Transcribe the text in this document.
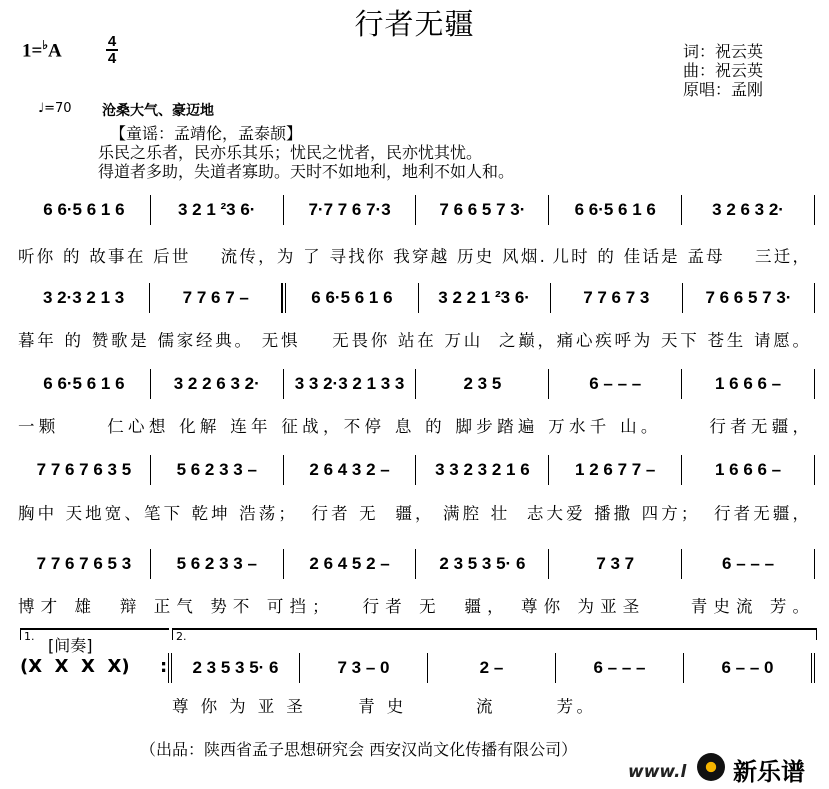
行者无疆
1=♭A	4
4	词：祝云英
曲：祝云英
原唱：孟刚
♩=70 沧桑大气、豪迈地
【童谣：孟靖伦，孟泰颉】
乐民之乐者，民亦乐其乐；忧民之忧者，民亦忧其忧。
得道者多助，失道者寡助。天时不如地利，地利不如人和。
6 6·5 6 1 6	3 2 1 ²3 6·	7·7 7 6 7·3	7 6 6 5 7 3·	6 6·5 6 1 6	3 2 6 3 2·
听你 的 故事在 后世    流传，为 了 寻找你 我穿越 历史 风烟. 儿时 的 佳话是 孟母    三迁，
3 2·3 2 1 3	7 7 6 7 –	6 6·5 6 1 6	3 2 2 1 ²3 6·	7 7 6 7 3	7 6 6 5 7 3·
暮年 的 赞歌是 儒家经典。 无惧    无畏你 站在 万山  之巅，痛心疾呼为 天下 苍生 请愿。
6 6·5 6 1 6	3 2 2 6 3 2·	3 3 2·3 2 1 3 3	2 3 5	6 – – –	1 6 6 6 –
一颗     仁心想 化解 连年 征战，不停 息 的 脚步踏遍 万水千 山。     行者无疆，
7 7 6 7 6 3 5	5 6 2 3 3 –	2 6 4 3 2 –	3 3 2 3 2 1 6	1 2 6 7 7 –	1 6 6 6 –
胸中 天地宽、笔下 乾坤 浩荡；  行者 无  疆， 满腔 壮  志大爱 播撒 四方；  行者无疆，
7 7 6 7 6 5 3	5 6 2 3 3 –	2 6 4 5 2 –	2 3 5 3 5· 6	7 3 7	6 – – –
博才 雄  辩 正气 势不 可挡；   行者 无  疆， 尊你 为亚圣    青史流 芳。
1.	2.
[间奏]
(X  X  X  X) :	2 3 5 3 5· 6	7 3 – 0	2 –	6 – – –	6 – – 0
尊 你 为 亚 圣      青 史        流       芳。
（出品：陕西省孟子思想研究会 西安汉尚文化传播有限公司）
www.l 新乐谱
